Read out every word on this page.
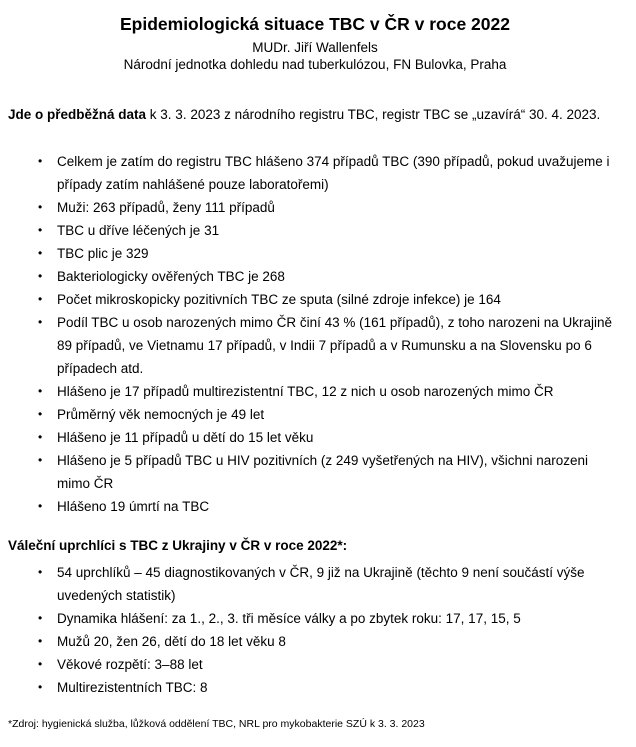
Epidemiologická situace TBC v ČR v roce 2022

MUDr. Jiří Wallenfels

Národní jednotka dohledu nad tuberkulózou, FN Bulovka, Praha

Jde o předběžná data k 3. 3. 2023 z národního registru TBC, registr TBC se „uzavírá“ 30. 4. 2023.

•	Celkem je zatím do registru TBC hlášeno 374 případů TBC (390 případů, pokud uvažujeme i případy zatím nahlášené pouze laboratořemi)
•	Muži: 263 případů, ženy 111 případů
•	TBC u dříve léčených je 31
•	TBC plic je 329
•	Bakteriologicky ověřených TBC je 268
•	Počet mikroskopicky pozitivních TBC ze sputa (silné zdroje infekce) je 164
•	Podíl TBC u osob narozených mimo ČR činí 43 % (161 případů), z toho narozeni na Ukrajině 89 případů, ve Vietnamu 17 případů, v Indii 7 případů a v Rumunsku a na Slovensku po 6 případech atd.
•	Hlášeno je 17 případů multirezistentní TBC, 12 z nich u osob narozených mimo ČR
•	Průměrný věk nemocných je 49 let
•	Hlášeno je 11 případů u dětí do 15 let věku
•	Hlášeno je 5 případů TBC u HIV pozitivních (z 249 vyšetřených na HIV), všichni narozeni mimo ČR
•	Hlášeno 19 úmrtí na TBC

Váleční uprchlíci s TBC z Ukrajiny v ČR v roce 2022*:

•	54 uprchlíků – 45 diagnostikovaných v ČR, 9 již na Ukrajině (těchto 9 není součástí výše uvedených statistik)
•	Dynamika hlášení: za 1., 2., 3. tři měsíce války a po zbytek roku: 17, 17, 15, 5
•	Mužů 20, žen 26, dětí do 18 let věku 8
•	Věkové rozpětí: 3–88 let
•	Multirezistentních TBC: 8

*Zdroj: hygienická služba, lůžková oddělení TBC, NRL pro mykobakterie SZÚ k 3. 3. 2023
